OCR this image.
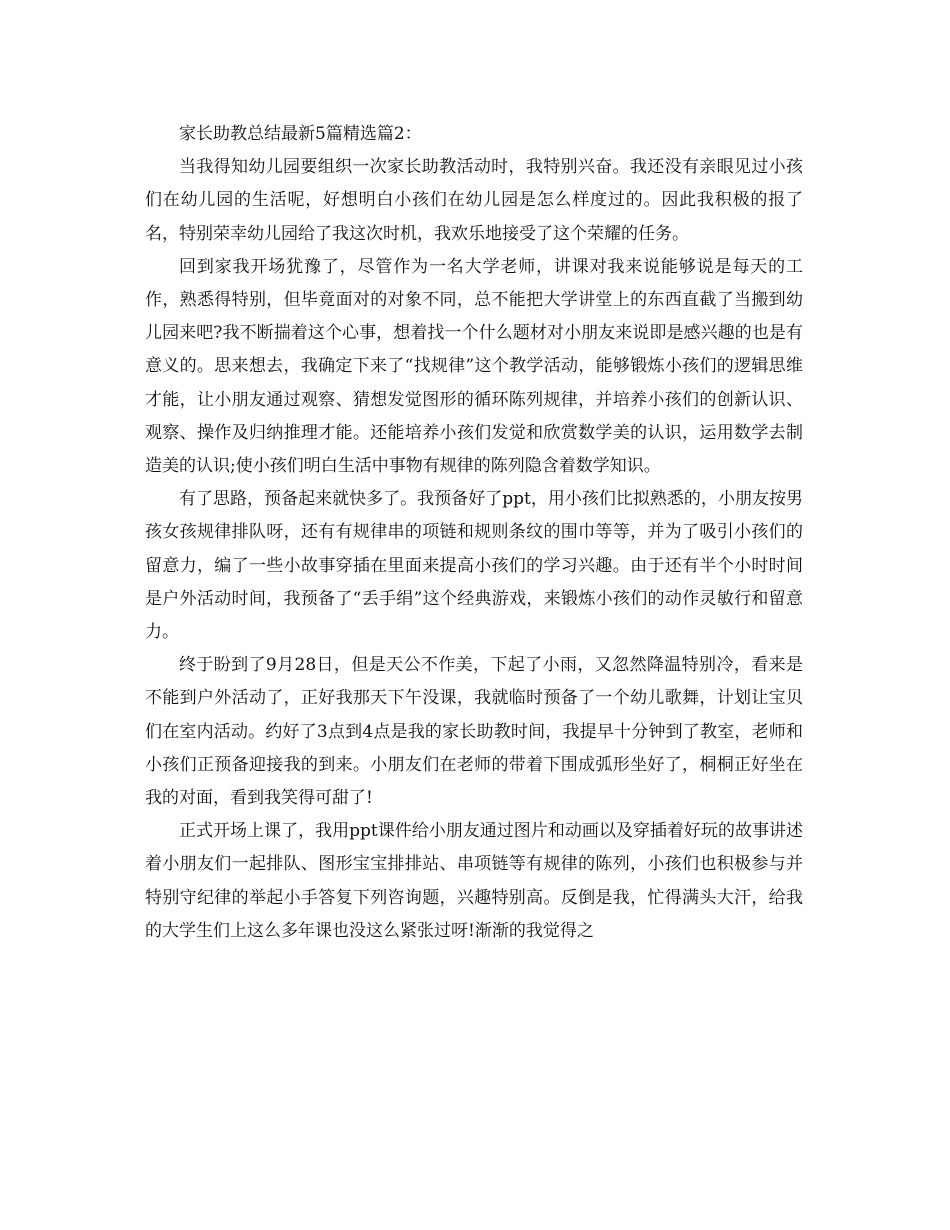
家长助教总结最新5篇精选篇2：

当我得知幼儿园要组织一次家长助教活动时，我特别兴奋。我还没有亲眼见过小孩们在幼儿园的生活呢，好想明白小孩们在幼儿园是怎么样度过的。因此我积极的报了名，特别荣幸幼儿园给了我这次时机，我欢乐地接受了这个荣耀的任务。

回到家我开场犹豫了，尽管作为一名大学老师，讲课对我来说能够说是每天的工作，熟悉得特别，但毕竟面对的对象不同，总不能把大学讲堂上的东西直截了当搬到幼儿园来吧?我不断揣着这个心事，想着找一个什么题材对小朋友来说即是感兴趣的也是有意义的。思来想去，我确定下来了“找规律”这个教学活动，能够锻炼小孩们的逻辑思维才能，让小朋友通过观察、猜想发觉图形的循环陈列规律，并培养小孩们的创新认识、观察、操作及归纳推理才能。还能培养小孩们发觉和欣赏数学美的认识，运用数学去制造美的认识;使小孩们明白生活中事物有规律的陈列隐含着数学知识。

有了思路，预备起来就快多了。我预备好了ppt，用小孩们比拟熟悉的，小朋友按男孩女孩规律排队呀，还有有规律串的项链和规则条纹的围巾等等，并为了吸引小孩们的留意力，编了一些小故事穿插在里面来提高小孩们的学习兴趣。由于还有半个小时时间是户外活动时间，我预备了“丢手绢”这个经典游戏，来锻炼小孩们的动作灵敏行和留意力。

终于盼到了9月28日，但是天公不作美，下起了小雨，又忽然降温特别冷，看来是不能到户外活动了，正好我那天下午没课，我就临时预备了一个幼儿歌舞，计划让宝贝们在室内活动。约好了3点到4点是我的家长助教时间，我提早十分钟到了教室，老师和小孩们正预备迎接我的到来。小朋友们在老师的带着下围成弧形坐好了，桐桐正好坐在我的对面，看到我笑得可甜了!

正式开场上课了，我用ppt课件给小朋友通过图片和动画以及穿插着好玩的故事讲述着小朋友们一起排队、图形宝宝排排站、串项链等有规律的陈列，小孩们也积极参与并特别守纪律的举起小手答复下列咨询题，兴趣特别高。反倒是我，忙得满头大汗，给我的大学生们上这么多年课也没这么紧张过呀!渐渐的我觉得之
